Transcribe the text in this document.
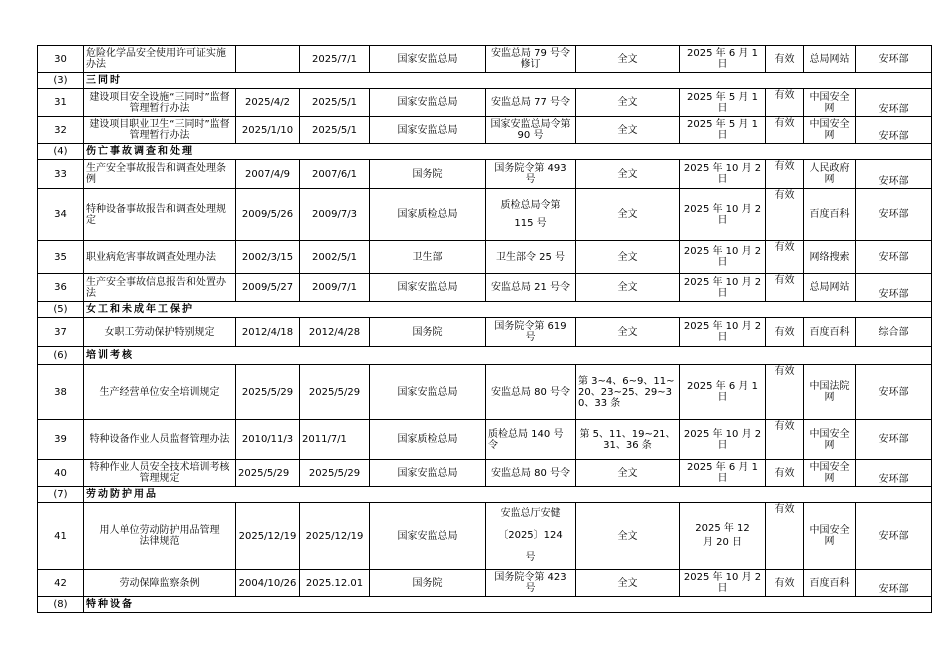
30	危险化学品安全使用许可证实施办法		2025/7/1	国家安监总局	安监总局 79 号令修订	全文	2025 年 6 月 1 日	有效	总局网站	安环部
(3)	三同时									
31	建设项目安全设施“三同时”监督管理暂行办法	2025/4/2	2025/5/1	国家安监总局	安监总局 77 号令	全文	2025 年 5 月 1 日	有效	中国安全网	安环部
32	建设项目职业卫生“三同时”监督管理暂行办法	2025/1/10	2025/5/1	国家安监总局	国家安监总局令第 90 号	全文	2025 年 5 月 1 日	有效	中国安全网	安环部
(4)	伤亡事故调查和处理									
33	生产安全事故报告和调查处理条例	2007/4/9	2007/6/1	国务院	国务院令第 493 号	全文	2025 年 10 月 2 日	有效	人民政府网	安环部
34	特种设备事故报告和调查处理规定	2009/5/26	2009/7/3	国家质检总局	质检总局令第 115 号	全文	2025 年 10 月 2 日	有效	百度百科	安环部
35	职业病危害事故调查处理办法	2002/3/15	2002/5/1	卫生部	卫生部令 25 号	全文	2025 年 10 月 2 日	有效	网络搜索	安环部
36	生产安全事故信息报告和处置办法	2009/5/27	2009/7/1	国家安监总局	安监总局 21 号令	全文	2025 年 10 月 2 日	有效	总局网站	安环部
(5)	女工和未成年工保护									
37	女职工劳动保护特别规定	2012/4/18	2012/4/28	国务院	国务院令第 619 号	全文	2025 年 10 月 2 日	有效	百度百科	综合部
(6)	培训考核									
38	生产经营单位安全培训规定	2025/5/29	2025/5/29	国家安监总局	安监总局 80 号令	第 3~4、6~9、11~20、23~25、29~30、33 条	2025 年 6 月 1 日	有效	中国法院网	安环部
39	特种设备作业人员监督管理办法	2010/11/3	2011/7/1	国家质检总局	质检总局 140 号令	第 5、11、19~21、31、36 条	2025 年 10 月 2 日	有效	中国安全网	安环部
40	特种作业人员安全技术培训考核管理规定	2025/5/29	2025/5/29	国家安监总局	安监总局 80 号令	全文	2025 年 6 月 1 日	有效	中国安全网	安环部
(7)	劳动防护用品									
41	用人单位劳动防护用品管理法律规范	2025/12/19	2025/12/19	国家安监总局	安监总厅安健〔2025〕124 号	全文	2025 年 12 月 20 日	有效	中国安全网	安环部
42	劳动保障监察条例	2004/10/26	2025.12.01	国务院	国务院令第 423 号	全文	2025 年 10 月 2 日	有效	百度百科	安环部
(8)	特种设备									
